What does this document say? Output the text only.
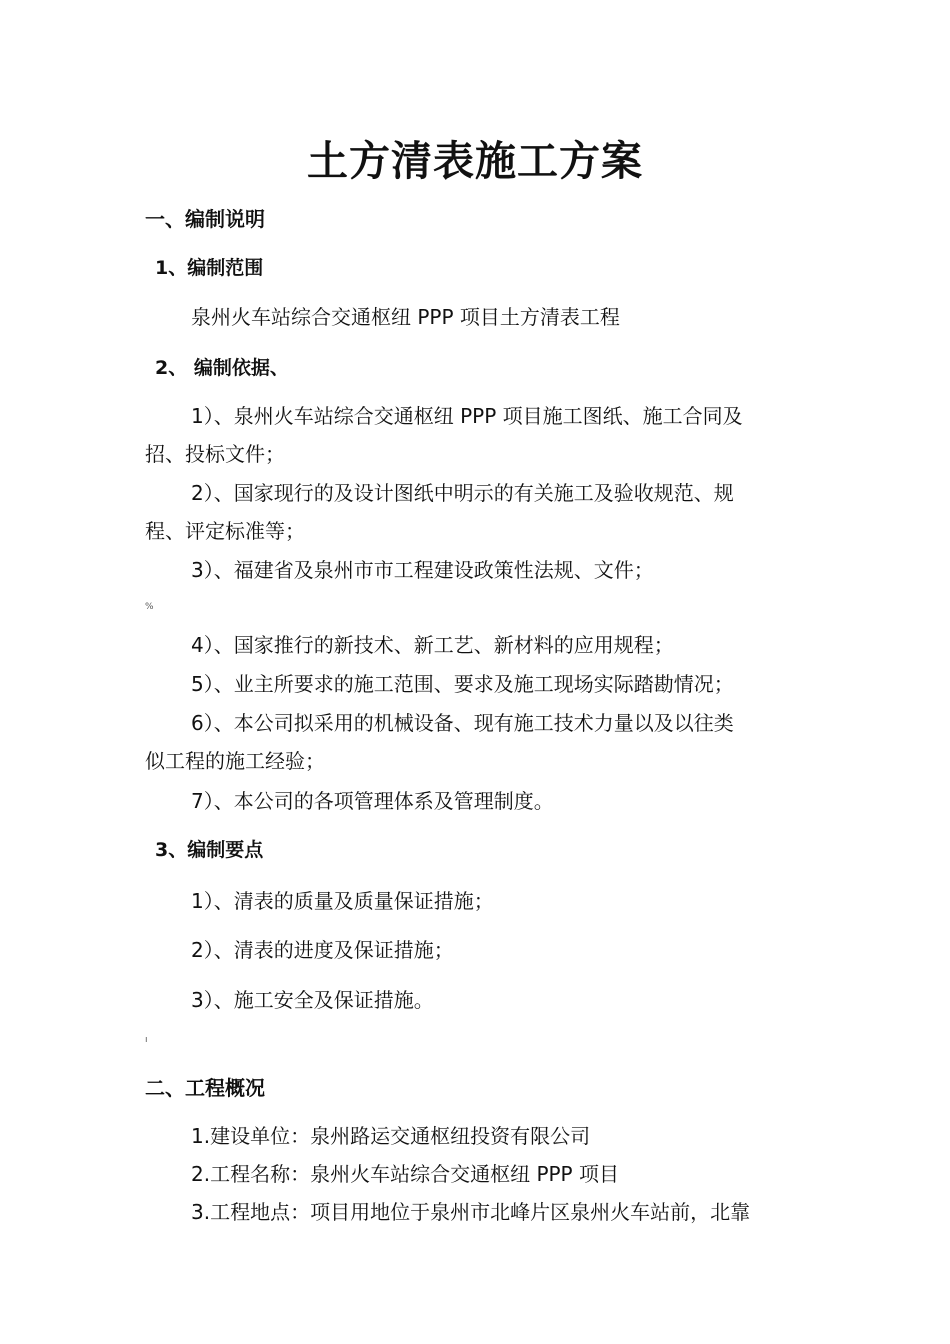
土方清表施工方案
一、编制说明
1、编制范围
泉州火车站综合交通枢纽 PPP 项目土方清表工程
2、 编制依据、
1）、泉州火车站综合交通枢纽 PPP 项目施工图纸、施工合同及
招、投标文件；
2）、国家现行的及设计图纸中明示的有关施工及验收规范、规
程、评定标准等；
3）、福建省及泉州市市工程建设政策性法规、文件；
%
4）、国家推行的新技术、新工艺、新材料的应用规程；
5）、业主所要求的施工范围、要求及施工现场实际踏勘情况；
6）、本公司拟采用的机械设备、现有施工技术力量以及以往类
似工程的施工经验；
7）、本公司的各项管理体系及管理制度。
3、编制要点
1）、清表的质量及质量保证措施；
2）、清表的进度及保证措施；
3）、施工安全及保证措施。
ı
二、工程概况
1.建设单位：泉州路运交通枢纽投资有限公司
2.工程名称：泉州火车站综合交通枢纽 PPP 项目
3.工程地点：项目用地位于泉州市北峰片区泉州火车站前，北靠
